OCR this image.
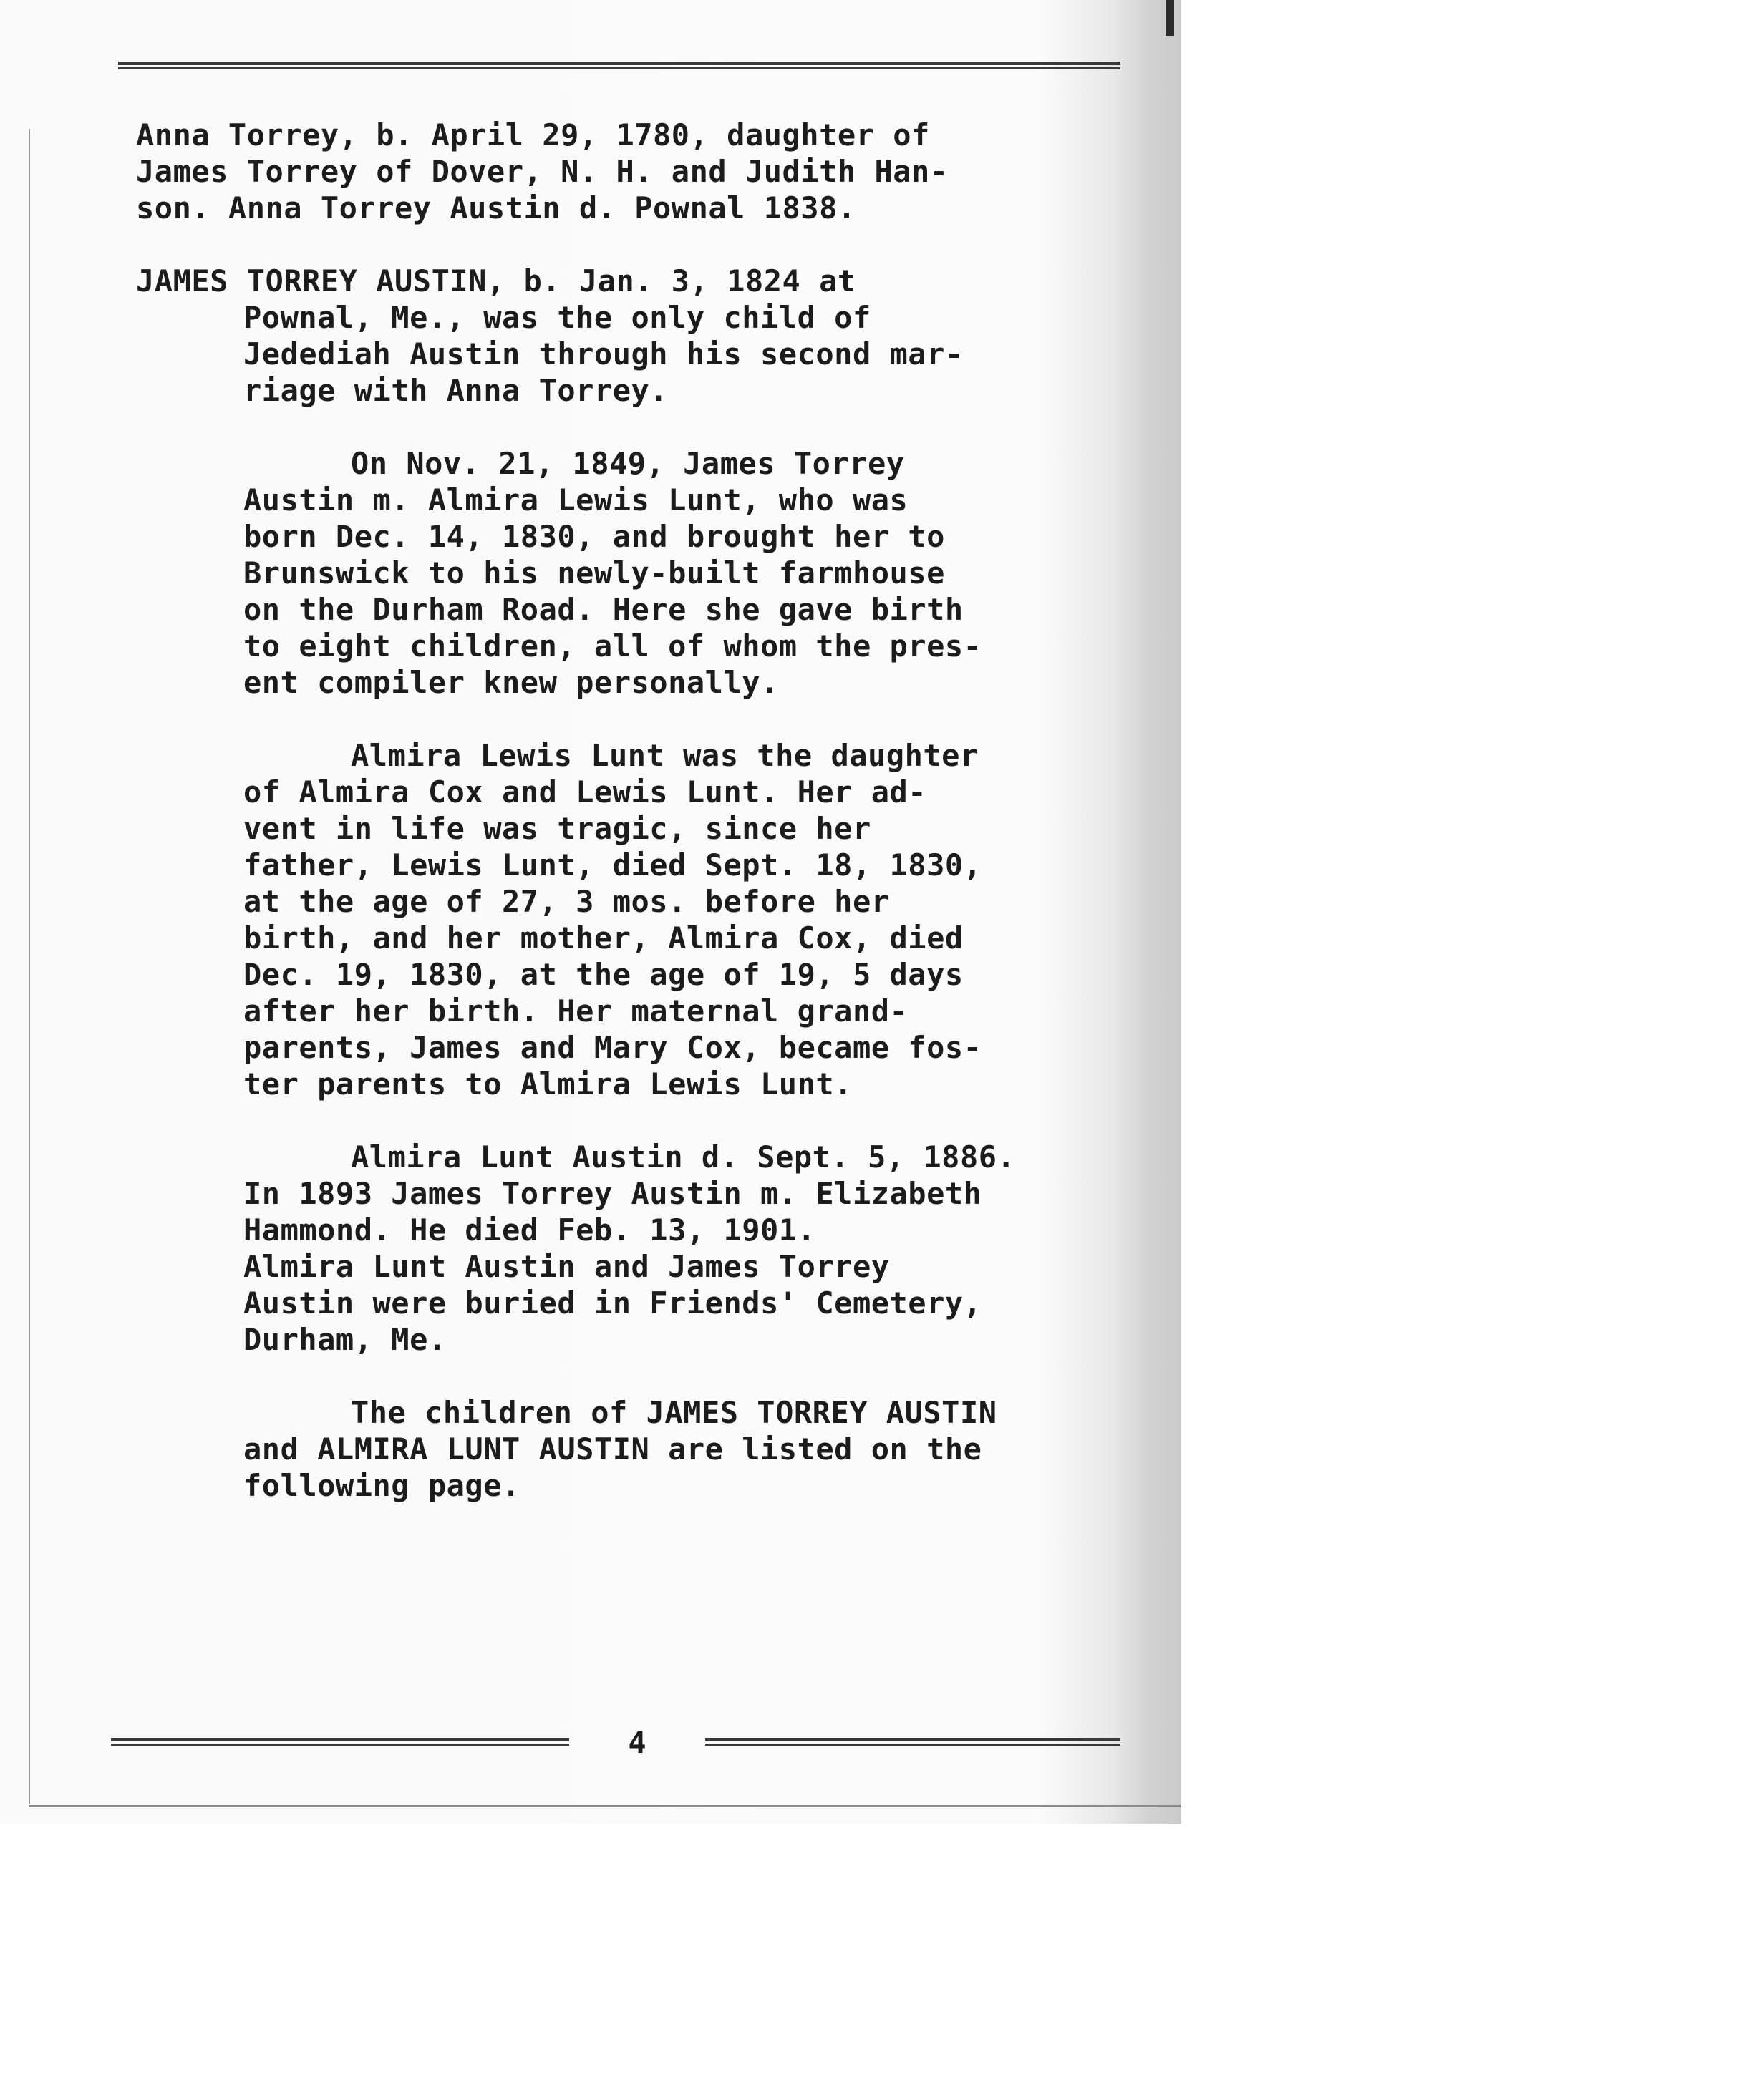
Anna Torrey, b. April 29, 1780, daughter of
James Torrey of Dover, N. H. and Judith Han-
son. Anna Torrey Austin d. Pownal 1838.

JAMES TORREY AUSTIN, b. Jan. 3, 1824 at
Pownal, Me., was the only child of
Jedediah Austin through his second mar-
riage with Anna Torrey.

On Nov. 21, 1849, James Torrey
Austin m. Almira Lewis Lunt, who was
born Dec. 14, 1830, and brought her to
Brunswick to his newly-built farmhouse
on the Durham Road. Here she gave birth
to eight children, all of whom the pres-
ent compiler knew personally.

Almira Lewis Lunt was the daughter
of Almira Cox and Lewis Lunt. Her ad-
vent in life was tragic, since her
father, Lewis Lunt, died Sept. 18, 1830,
at the age of 27, 3 mos. before her
birth, and her mother, Almira Cox, died
Dec. 19, 1830, at the age of 19, 5 days
after her birth. Her maternal grand-
parents, James and Mary Cox, became fos-
ter parents to Almira Lewis Lunt.

Almira Lunt Austin d. Sept. 5, 1886.
In 1893 James Torrey Austin m. Elizabeth
Hammond. He died Feb. 13, 1901.
Almira Lunt Austin and James Torrey
Austin were buried in Friends' Cemetery,
Durham, Me.

The children of JAMES TORREY AUSTIN
and ALMIRA LUNT AUSTIN are listed on the
following page.

4
